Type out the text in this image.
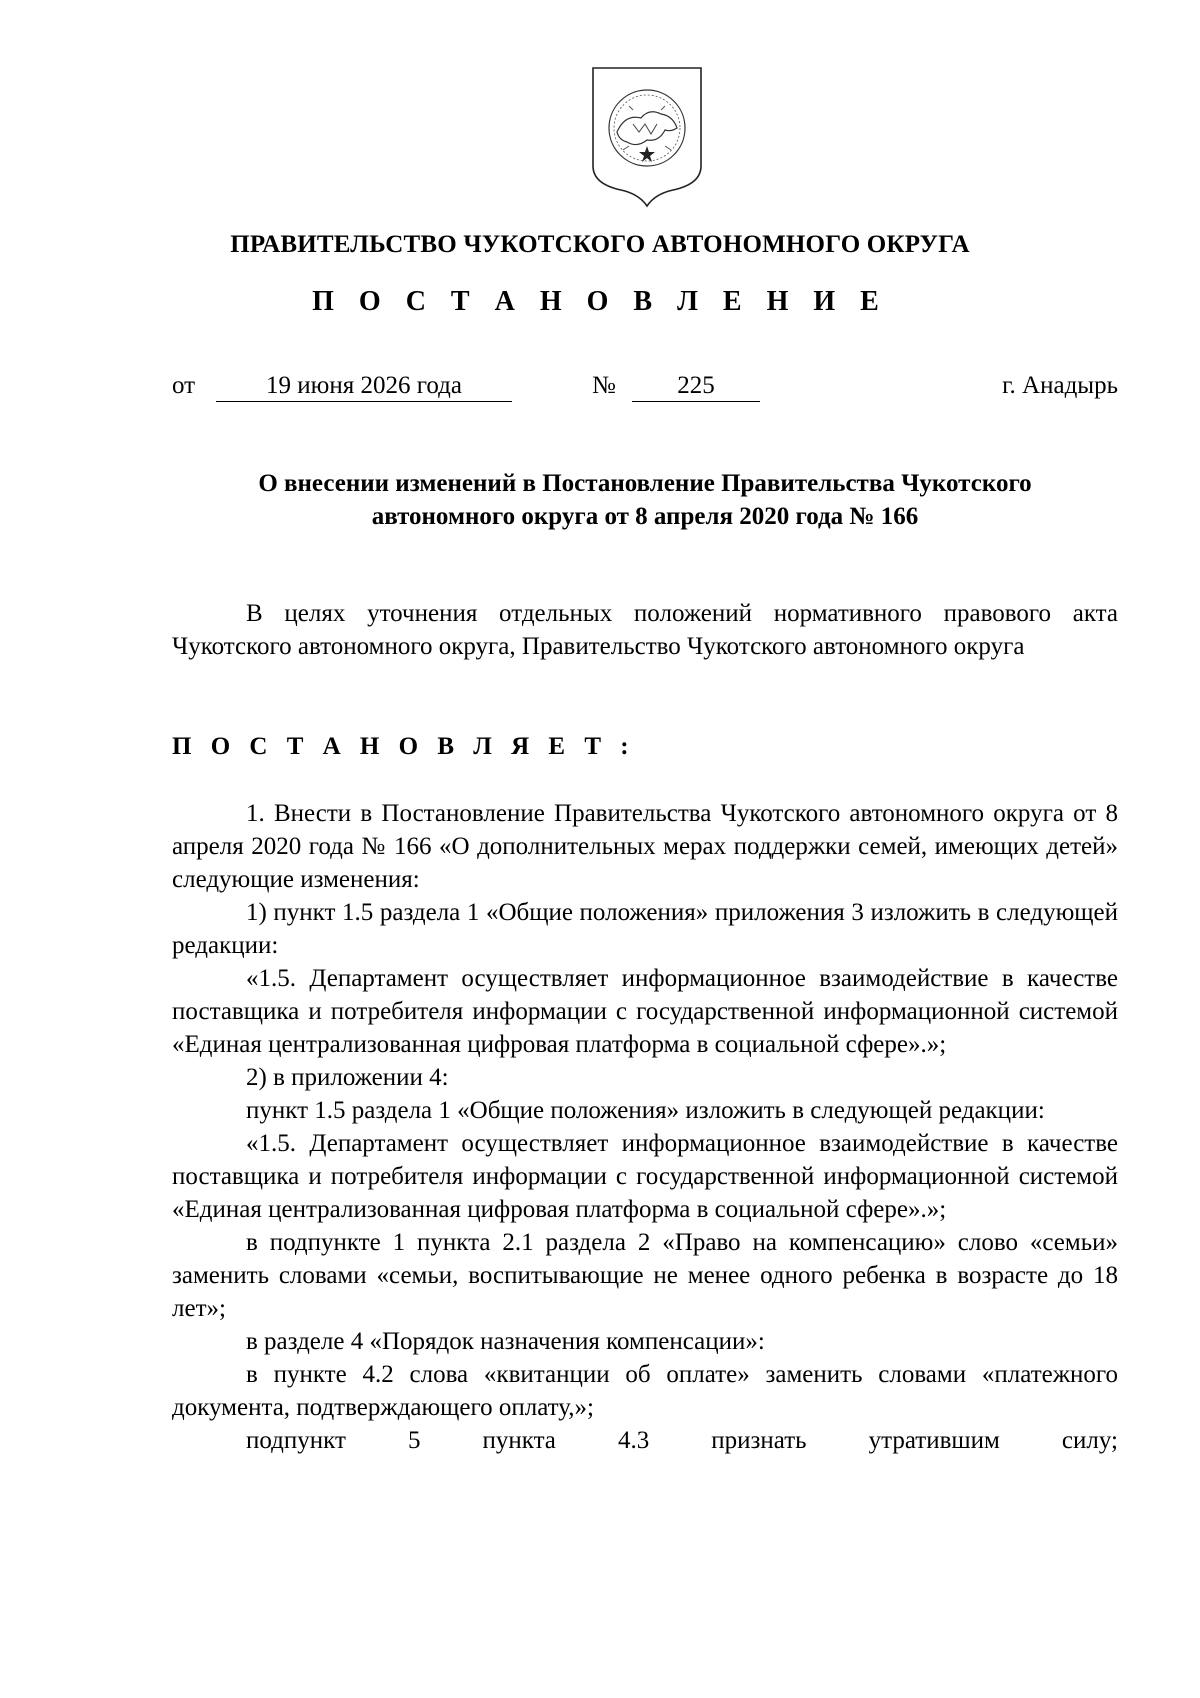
ПРАВИТЕЛЬСТВО ЧУКОТСКОГО АВТОНОМНОГО ОКРУГА
П О С Т А Н О В Л Е Н И Е
от	19 июня 2026 года	№	225	г. Анадырь
О внесении изменений в Постановление Правительства Чукотского
автономного округа от 8 апреля 2020 года № 166

В целях уточнения отдельных положений нормативного правового акта Чукотского автономного округа, Правительство Чукотского автономного округа

П О С Т А Н О В Л Я Е Т :

1. Внести в Постановление Правительства Чукотского автономного округа от 8 апреля 2020 года № 166 «О дополнительных мерах поддержки семей, имеющих детей» следующие изменения:

1) пункт 1.5 раздела 1 «Общие положения» приложения 3 изложить в следующей редакции:

«1.5. Департамент осуществляет информационное взаимодействие в качестве поставщика и потребителя информации с государственной информационной системой «Единая централизованная цифровая платформа в социальной сфере».»;

2) в приложении 4:

пункт 1.5 раздела 1 «Общие положения» изложить в следующей редакции:

«1.5. Департамент осуществляет информационное взаимодействие в качестве поставщика и потребителя информации с государственной информационной системой «Единая централизованная цифровая платформа в социальной сфере».»;

в подпункте 1 пункта 2.1 раздела 2 «Право на компенсацию» слово «семьи» заменить словами «семьи, воспитывающие не менее одного ребенка в возрасте до 18 лет»;

в разделе 4 «Порядок назначения компенсации»:

в пункте 4.2 слова «квитанции об оплате» заменить словами «платежного документа, подтверждающего оплату,»;

подпункт 5 пункта 4.3 признать утратившим силу;
